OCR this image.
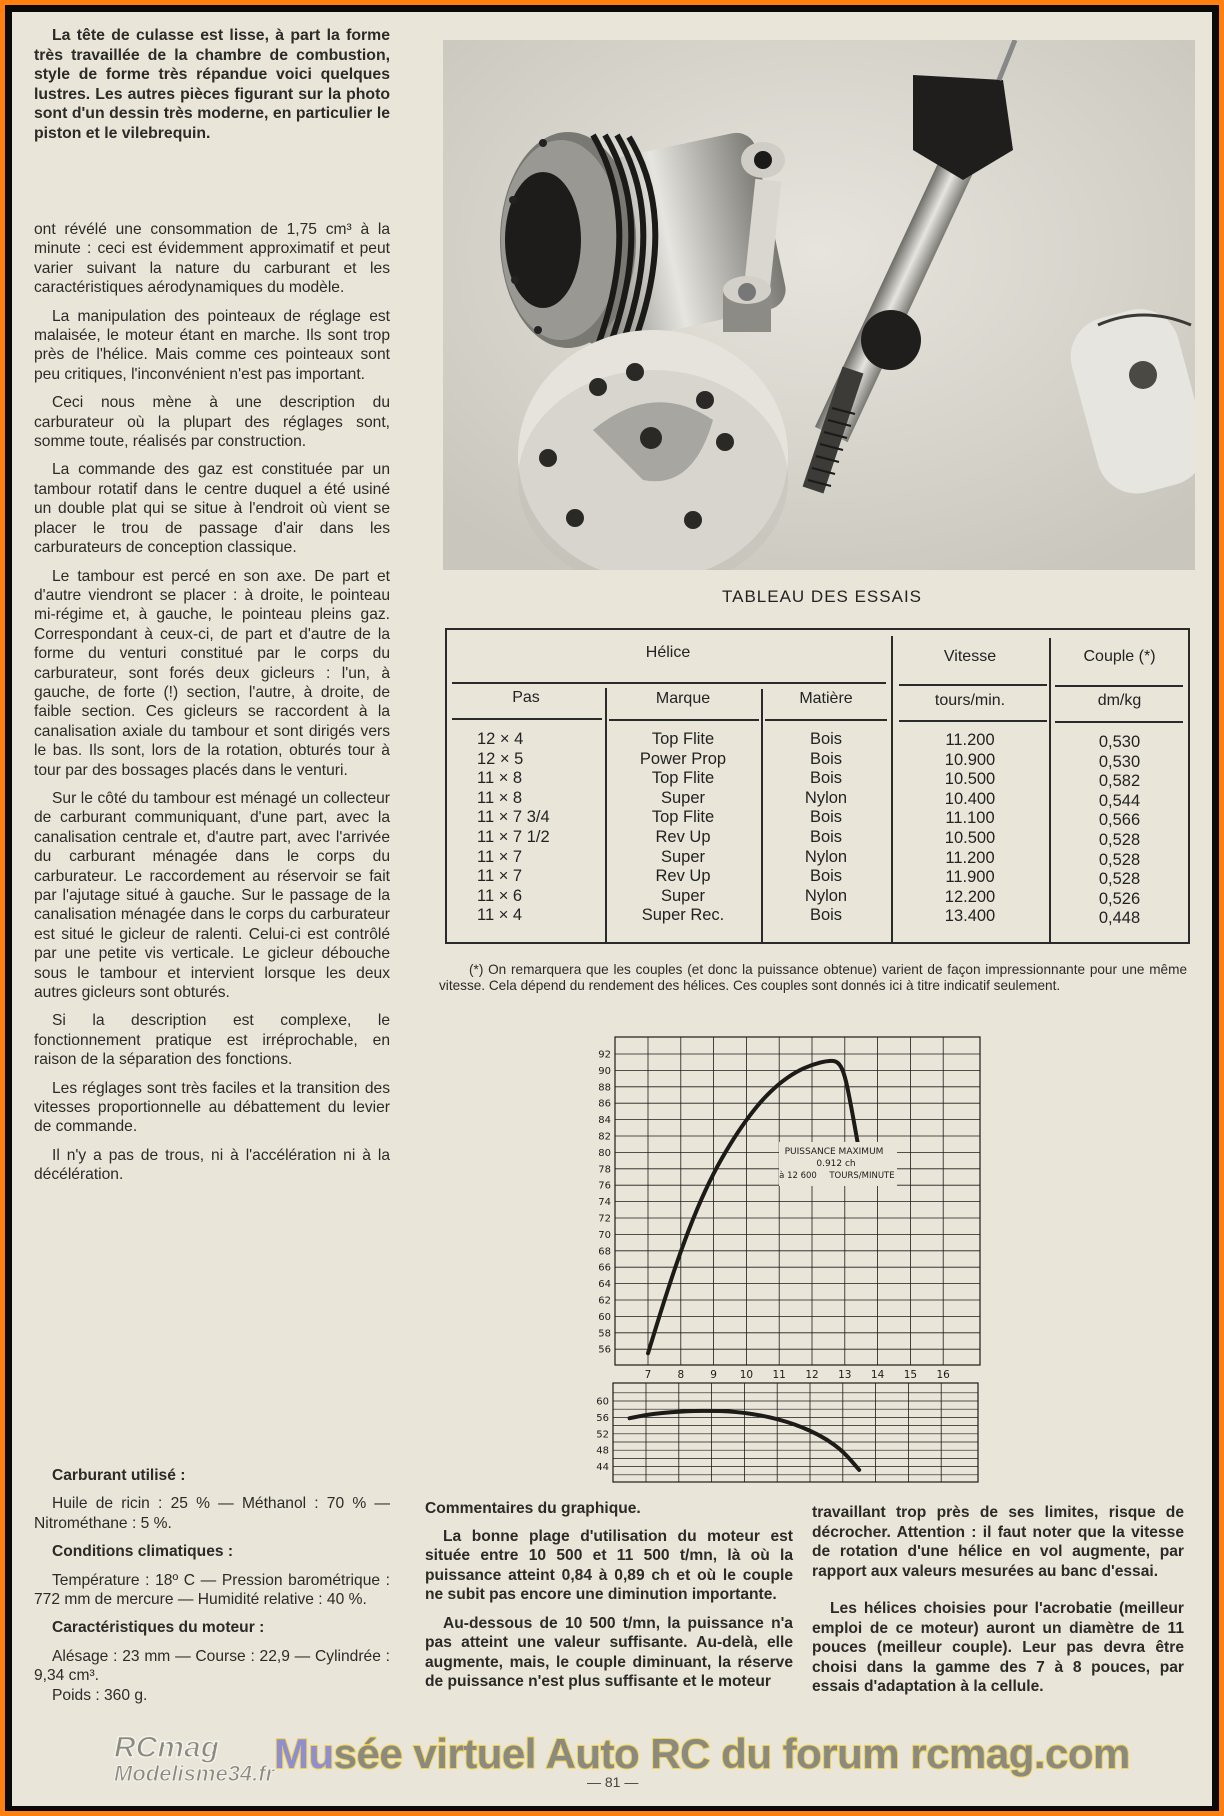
La tête de culasse est lisse, à part la forme très travaillée de la chambre de combustion, style de forme très répandue voici quelques lustres. Les autres pièces figurant sur la photo sont d'un dessin très moderne, en particulier le piston et le vilebrequin.

ont révélé une consommation de 1,75 cm³ à la minute : ceci est évidemment approximatif et peut varier suivant la nature du carburant et les caractéristiques aérodynamiques du modèle.

La manipulation des pointeaux de réglage est malaisée, le moteur étant en marche. Ils sont trop près de l'hélice. Mais comme ces pointeaux sont peu critiques, l'inconvénient n'est pas important.

Ceci nous mène à une description du carburateur où la plupart des réglages sont, somme toute, réalisés par construction.

La commande des gaz est constituée par un tambour rotatif dans le centre duquel a été usiné un double plat qui se situe à l'endroit où vient se placer le trou de passage d'air dans les carburateurs de conception classique.

Le tambour est percé en son axe. De part et d'autre viendront se placer : à droite, le pointeau mi-régime et, à gauche, le pointeau pleins gaz. Correspondant à ceux-ci, de part et d'autre de la forme du venturi constitué par le corps du carburateur, sont forés deux gicleurs : l'un, à gauche, de forte (!) section, l'autre, à droite, de faible section. Ces gicleurs se raccordent à la canalisation axiale du tambour et sont dirigés vers le bas. Ils sont, lors de la rotation, obturés tour à tour par des bossages placés dans le venturi.

Sur le côté du tambour est ménagé un collecteur de carburant communiquant, d'une part, avec la canalisation centrale et, d'autre part, avec l'arrivée du carburant ménagée dans le corps du carburateur. Le raccordement au réservoir se fait par l'ajutage situé à gauche. Sur le passage de la canalisation ménagée dans le corps du carburateur est situé le gicleur de ralenti. Celui-ci est contrôlé par une petite vis verticale. Le gicleur débouche sous le tambour et intervient lorsque les deux autres gicleurs sont obturés.

Si la description est complexe, le fonctionnement pratique est irréprochable, en raison de la séparation des fonctions.

Les réglages sont très faciles et la transition des vitesses proportionnelle au débattement du levier de commande.

Il n'y a pas de trous, ni à l'accélération ni à la décélération.

Carburant utilisé :

Huile de ricin : 25 % — Méthanol : 70 % — Nitrométhane : 5 %.

Conditions climatiques :

Température : 18º C — Pression barométrique : 772 mm de mercure — Humidité relative : 40 %.

Caractéristiques du moteur :

Alésage : 23 mm — Course : 22,9 — Cylindrée : 9,34 cm³.

Poids : 360 g.

TABLEAU DES ESSAIS
Hélice	Vitesse	Couple (*)
Pas	Marque	Matière	tours/min.	dm/kg
12 × 4	Top Flite	Bois	11.200	0,530
12 × 5	Power Prop	Bois	10.900	0,530
11 × 8	Top Flite	Bois	10.500	0,582
11 × 8	Super	Nylon	10.400	0,544
11 × 7 3/4	Top Flite	Bois	11.100	0,566
11 × 7 1/2	Rev Up	Bois	10.500	0,528
11 × 7	Super	Nylon	11.200	0,528
11 × 7	Rev Up	Bois	11.900	0,528
11 × 6	Super	Nylon	12.200	0,526
11 × 4	Super Rec.	Bois	13.400	0,448
(*) On remarquera que les couples (et donc la puissance obtenue) varient de façon impressionnante pour une même vitesse. Cela dépend du rendement des hélices. Ces couples sont donnés ici à titre indicatif seulement.
56
58
60
62
64
66
68
70
72
74
76
78
80
82
84
86
88
90
92
7 8 9 10 11 12 13 14 15 16
PUISSANCE MAXIMUM
0.912 ch
à 12 600 TOURS/MINUTE
44
48
52
56
60

Commentaires du graphique.

La bonne plage d'utilisation du moteur est située entre 10 500 et 11 500 t/mn, là où la puissance atteint 0,84 à 0,89 ch et où le couple ne subit pas encore une diminution importante.

Au-dessous de 10 500 t/mn, la puissance n'a pas atteint une valeur suffisante. Au-delà, elle augmente, mais, le couple diminuant, la réserve de puissance n'est plus suffisante et le moteur

travaillant trop près de ses limites, risque de décrocher. Attention : il faut noter que la vitesse de rotation d'une hélice en vol augmente, par rapport aux valeurs mesurées au banc d'essai.

Les hélices choisies pour l'acrobatie (meilleur emploi de ce moteur) auront un diamètre de 11 pouces (meilleur couple). Leur pas devra être choisi dans la gamme des 7 à 8 pouces, par essais d'adaptation à la cellule.

— 81 —
RCmag
Modelisme34.fr Musée virtuel Auto RC du forum rcmag.com
